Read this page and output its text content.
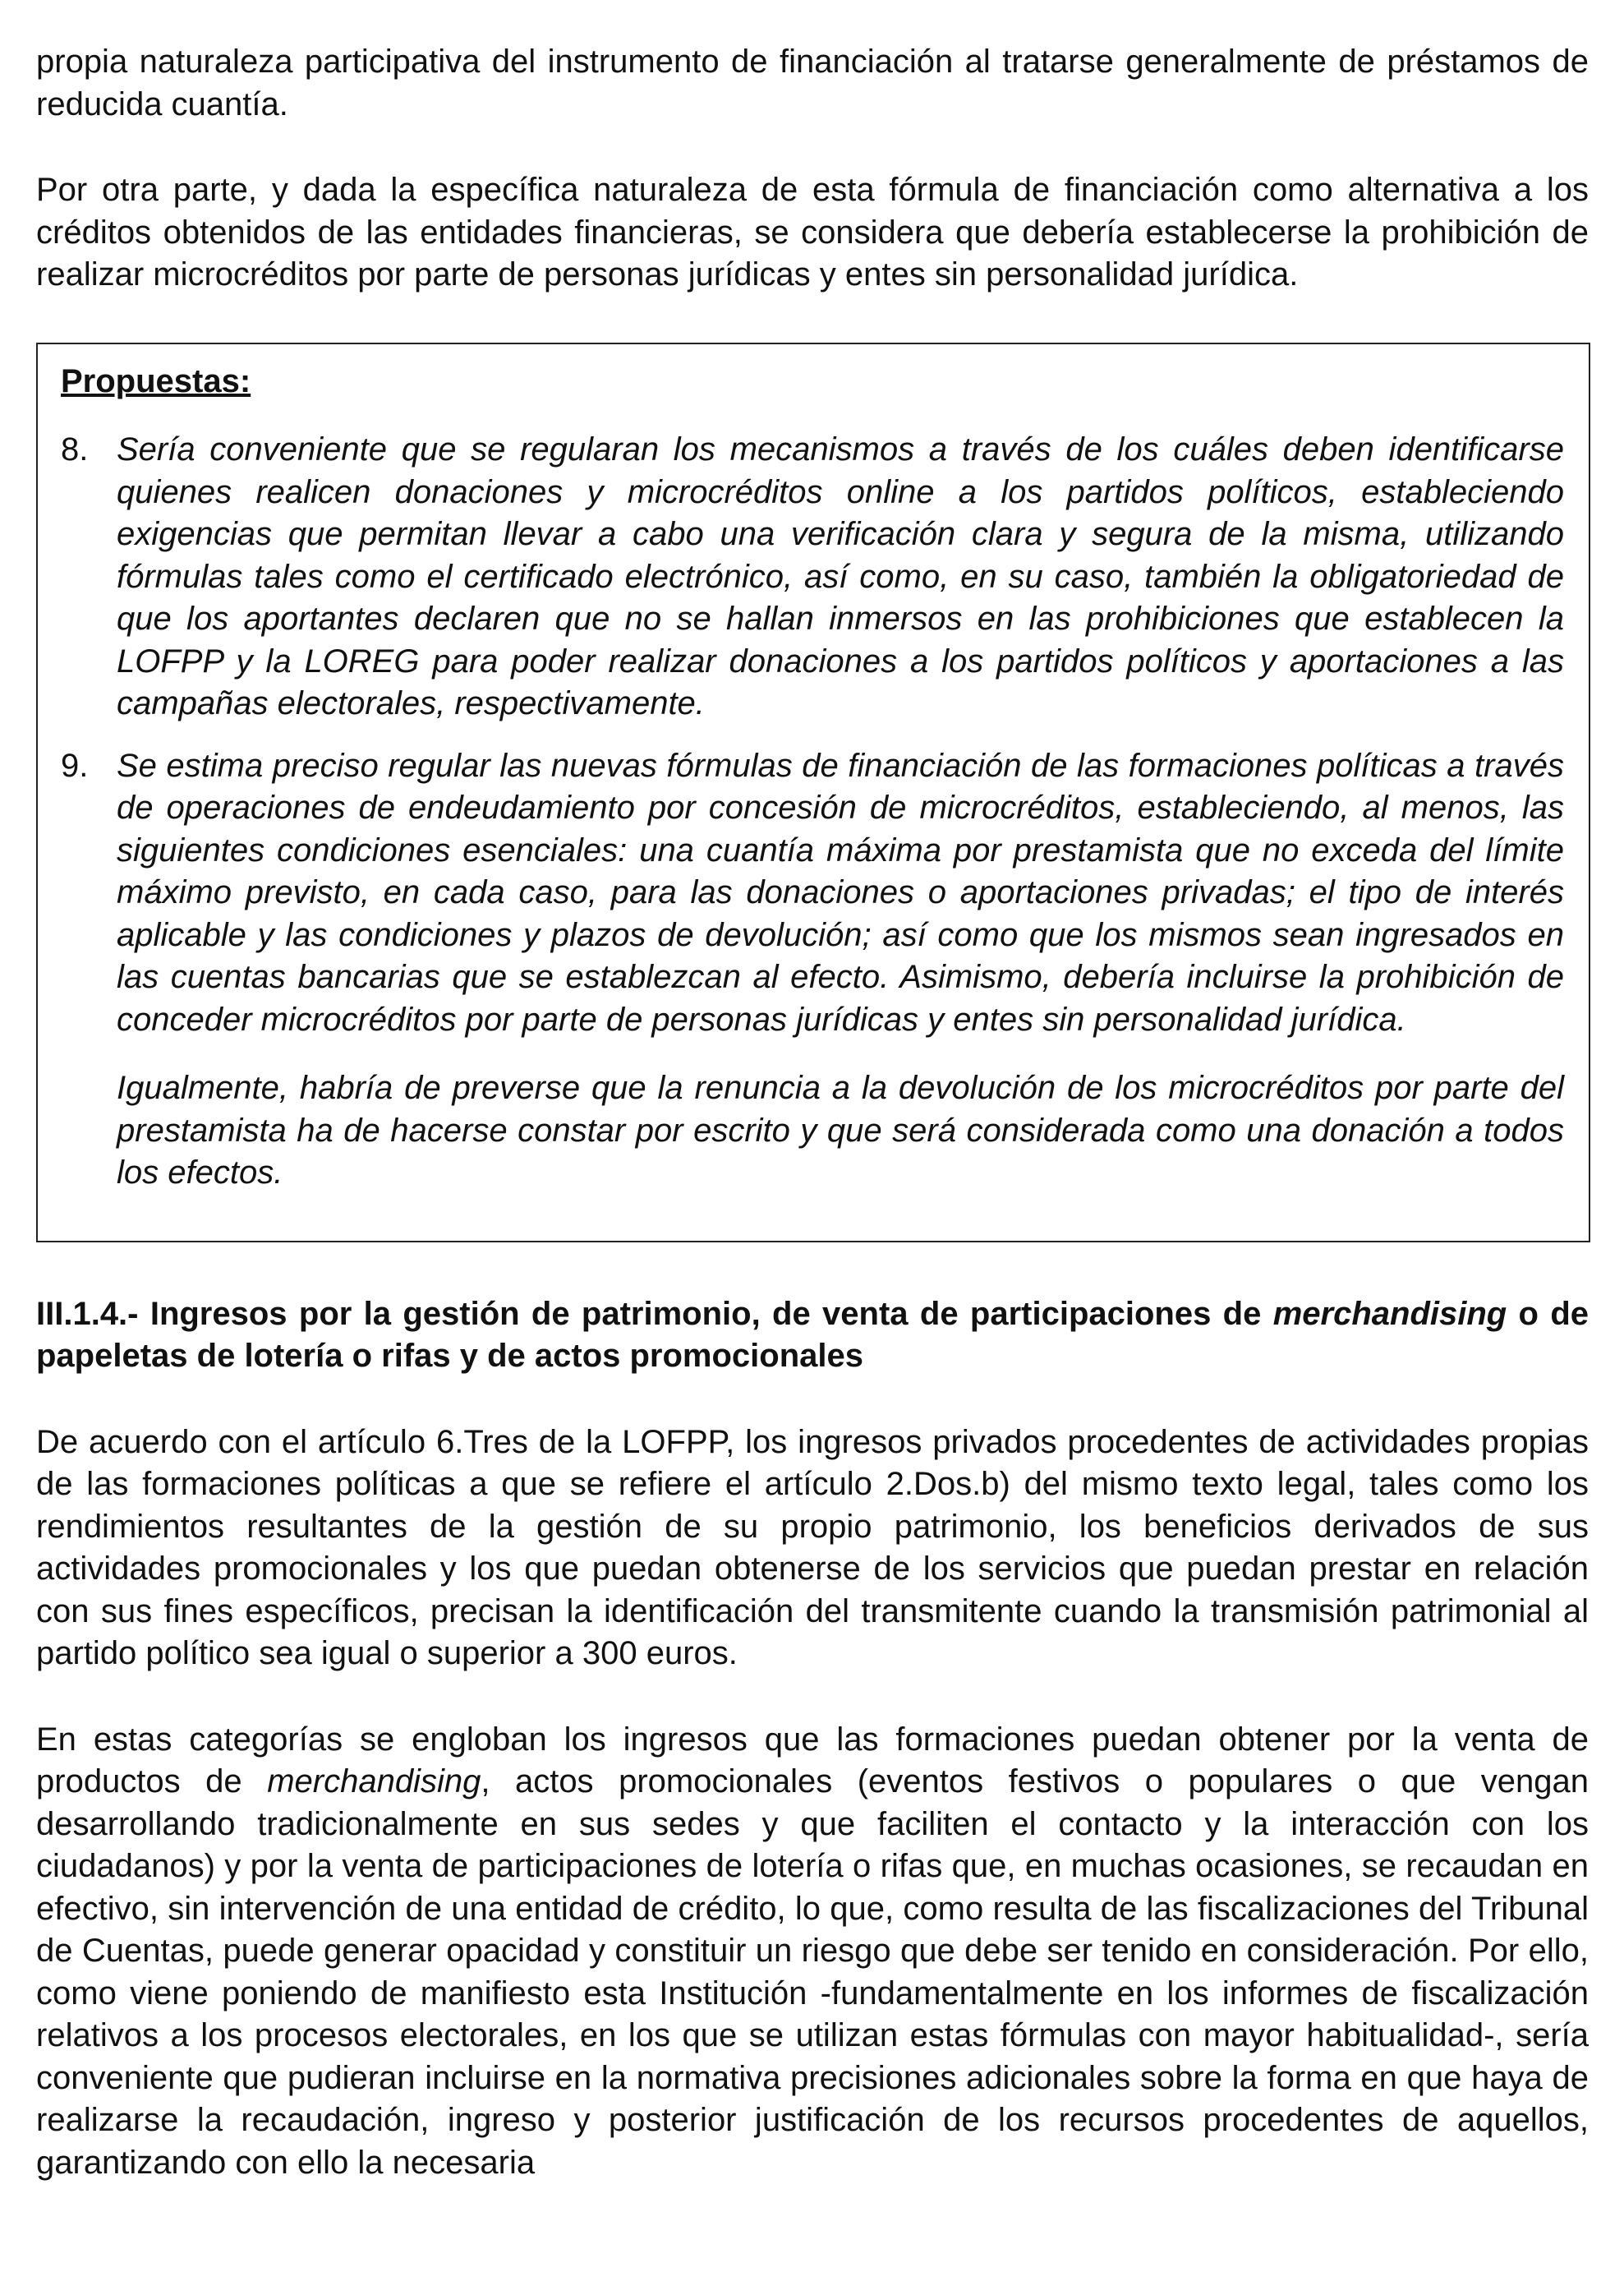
propia naturaleza participativa del instrumento de financiación al tratarse generalmente de préstamos de reducida cuantía.

Por otra parte, y dada la específica naturaleza de esta fórmula de financiación como alternativa a los créditos obtenidos de las entidades financieras, se considera que debería establecerse la prohibición de realizar microcréditos por parte de personas jurídicas y entes sin personalidad jurídica.

Propuestas:
8. Sería conveniente que se regularan los mecanismos a través de los cuáles deben identificarse quienes realicen donaciones y microcréditos online a los partidos políticos, estableciendo exigencias que permitan llevar a cabo una verificación clara y segura de la misma, utilizando fórmulas tales como el certificado electrónico, así como, en su caso, también la obligatoriedad de que los aportantes declaren que no se hallan inmersos en las prohibiciones que establecen la LOFPP y la LOREG para poder realizar donaciones a los partidos políticos y aportaciones a las campañas electorales, respectivamente.

9. Se estima preciso regular las nuevas fórmulas de financiación de las formaciones políticas a través de operaciones de endeudamiento por concesión de microcréditos, estableciendo, al menos, las siguientes condiciones esenciales: una cuantía máxima por prestamista que no exceda del límite máximo previsto, en cada caso, para las donaciones o aportaciones privadas; el tipo de interés aplicable y las condiciones y plazos de devolución; así como que los mismos sean ingresados en las cuentas bancarias que se establezcan al efecto. Asimismo, debería incluirse la prohibición de conceder microcréditos por parte de personas jurídicas y entes sin personalidad jurídica.

Igualmente, habría de preverse que la renuncia a la devolución de los microcréditos por parte del prestamista ha de hacerse constar por escrito y que será considerada como una donación a todos los efectos.

III.1.4.- Ingresos por la gestión de patrimonio, de venta de participaciones de merchandising o de papeletas de lotería o rifas y de actos promocionales

De acuerdo con el artículo 6.Tres de la LOFPP, los ingresos privados procedentes de actividades propias de las formaciones políticas a que se refiere el artículo 2.Dos.b) del mismo texto legal, tales como los rendimientos resultantes de la gestión de su propio patrimonio, los beneficios derivados de sus actividades promocionales y los que puedan obtenerse de los servicios que puedan prestar en relación con sus fines específicos, precisan la identificación del transmitente cuando la transmisión patrimonial al partido político sea igual o superior a 300 euros.

En estas categorías se engloban los ingresos que las formaciones puedan obtener por la venta de productos de merchandising, actos promocionales (eventos festivos o populares o que vengan desarrollando tradicionalmente en sus sedes y que faciliten el contacto y la interacción con los ciudadanos) y por la venta de participaciones de lotería o rifas que, en muchas ocasiones, se recaudan en efectivo, sin intervención de una entidad de crédito, lo que, como resulta de las fiscalizaciones del Tribunal de Cuentas, puede generar opacidad y constituir un riesgo que debe ser tenido en consideración. Por ello, como viene poniendo de manifiesto esta Institución -fundamentalmente en los informes de fiscalización relativos a los procesos electorales, en los que se utilizan estas fórmulas con mayor habitualidad-, sería conveniente que pudieran incluirse en la normativa precisiones adicionales sobre la forma en que haya de realizarse la recaudación, ingreso y posterior justificación de los recursos procedentes de aquellos, garantizando con ello la necesaria
